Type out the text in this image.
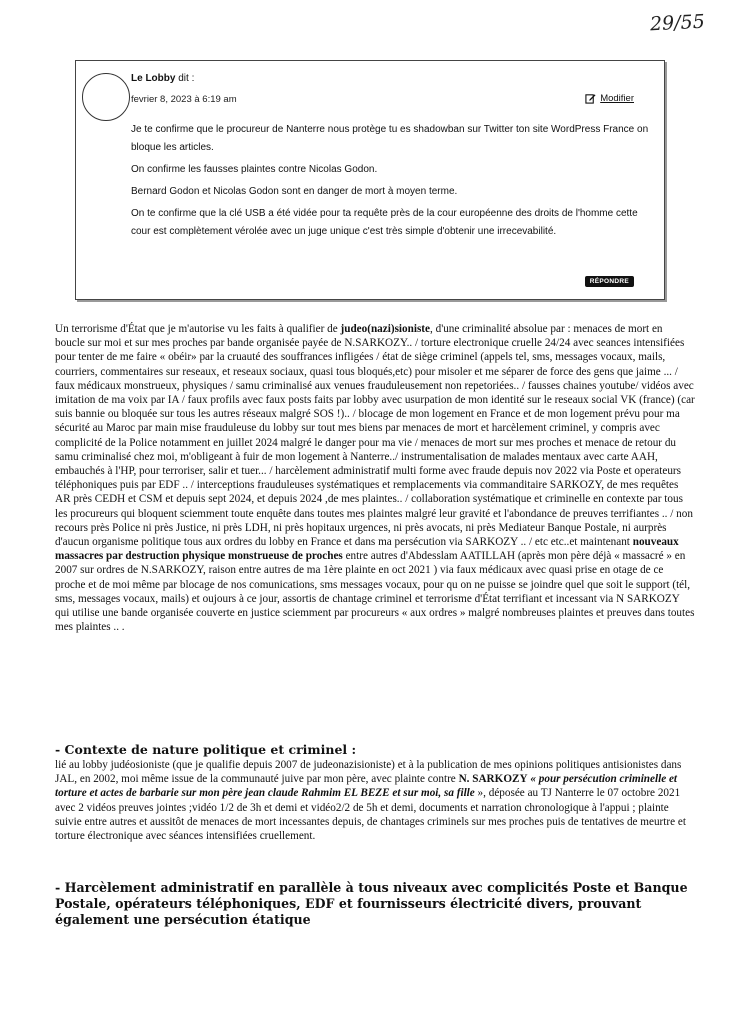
29/55
Le Lobby dit :
fevrier 8, 2023 à 6:19 am	Modifier

Je te confirme que le procureur de Nanterre nous protège tu es shadowban sur Twitter ton site WordPress France on bloque les articles.

On confirme les fausses plaintes contre Nicolas Godon.

Bernard Godon et Nicolas Godon sont en danger de mort à moyen terme.

On te confirme que la clé USB a été vidée pour ta requête près de la cour européenne des droits de l'homme cette cour est complètement vérolée avec un juge unique c'est très simple d'obtenir une irrecevabilité.

RÉPONDRE
Un terrorisme d'État que je m'autorise vu les faits à qualifier de judeo(nazi)sioniste, d'une criminalité absolue par : menaces de mort en boucle sur moi et sur mes proches par bande organisée payée de N.SARKOZY.. / torture electronique cruelle 24/24 avec seances intensifiées pour tenter de me faire « obéir» par la cruauté des souffrances infligées / état de siège criminel (appels tel, sms, messages vocaux, mails, courriers, commentaires sur reseaux, et reseaux sociaux, quasi tous bloqués,etc) pour misoler et me séparer de force des gens que jaime ... / faux médicaux monstrueux, physiques / samu criminalisé aux venues frauduleusement non repetoriées.. / fausses chaines youtube/ vidéos avec imitation de ma voix par IA / faux profils avec faux posts faits par lobby avec usurpation de mon identité sur le reseaux social VK (france) (car suis bannie ou bloquée sur tous les autres réseaux malgré SOS !).. / blocage de mon logement en France et de mon logement prévu pour ma sécurité au Maroc par main mise frauduleuse du lobby sur tout mes biens par menaces de mort et harcèlement criminel, y compris avec complicité de la Police notamment en juillet 2024 malgré le danger pour ma vie / menaces de mort sur mes proches et menace de retour du samu criminalisé chez moi, m'obligeant à fuir de mon logement à Nanterre../ instrumentalisation de malades mentaux avec carte AAH, embauchés à l'HP, pour terroriser, salir et tuer... / harcèlement administratif multi forme avec fraude depuis nov 2022 via Poste et operateurs téléphoniques puis par EDF .. / interceptions frauduleuses systématiques et remplacements via commanditaire SARKOZY, de mes requêtes AR près CEDH et CSM et depuis sept 2024, et depuis 2024 ,de mes plaintes.. / collaboration systématique et criminelle en contexte par tous les procureurs qui bloquent sciemment toute enquête dans toutes mes plaintes malgré leur gravité et l'abondance de preuves terrifiantes .. / non recours près Police ni près Justice, ni près LDH, ni près hopitaux urgences, ni près avocats, ni près Mediateur Banque Postale, ni aurprès d'aucun organisme politique tous aux ordres du lobby en France et dans ma persécution via SARKOZY .. / etc etc..et maintenant nouveaux massacres par destruction physique monstrueuse de proches entre autres d'Abdesslam AATILLAH (après mon père déjà « massacré » en 2007 sur ordres de N.SARKOZY, raison entre autres de ma 1ère plainte en oct 2021 ) via faux médicaux avec quasi prise en otage de ce proche et de moi même par blocage de nos comunications, sms messages vocaux, pour qu on ne puisse se joindre quel que soit le support (tél, sms, messages vocaux, mails) et oujours à ce jour, assortis de chantage criminel et terrorisme d'État terrifiant et incessant via N SARKOZY qui utilise une bande organisée couverte en justice sciemment par procureurs « aux ordres » malgré nombreuses plaintes et preuves dans toutes mes plaintes .. .
- Contexte de nature politique et criminel :
lié au lobby judéosioniste (que je qualifie depuis 2007 de judeonazisioniste) et à la publication de mes opinions politiques antisionistes dans JAL, en 2002, moi même issue de la communauté juive par mon père, avec plainte contre N. SARKOZY « pour persécution criminelle et torture et actes de barbarie sur mon père jean claude Rahmim EL BEZE et sur moi, sa fille », déposée au TJ Nanterre le 07 octobre 2021 avec 2 vidéos preuves jointes ;vidéo 1/2 de 3h et demi et vidéo2/2 de 5h et demi, documents et narration chronologique à l'appui ; plainte suivie entre autres et aussitôt de menaces de mort incessantes depuis, de chantages criminels sur mes proches puis de tentatives de meurtre et torture électronique avec séances intensifiées cruellement.
- Harcèlement administratif en parallèle à tous niveaux avec complicités Poste et Banque Postale, opérateurs téléphoniques, EDF et fournisseurs électricité divers, prouvant également une persécution étatique
